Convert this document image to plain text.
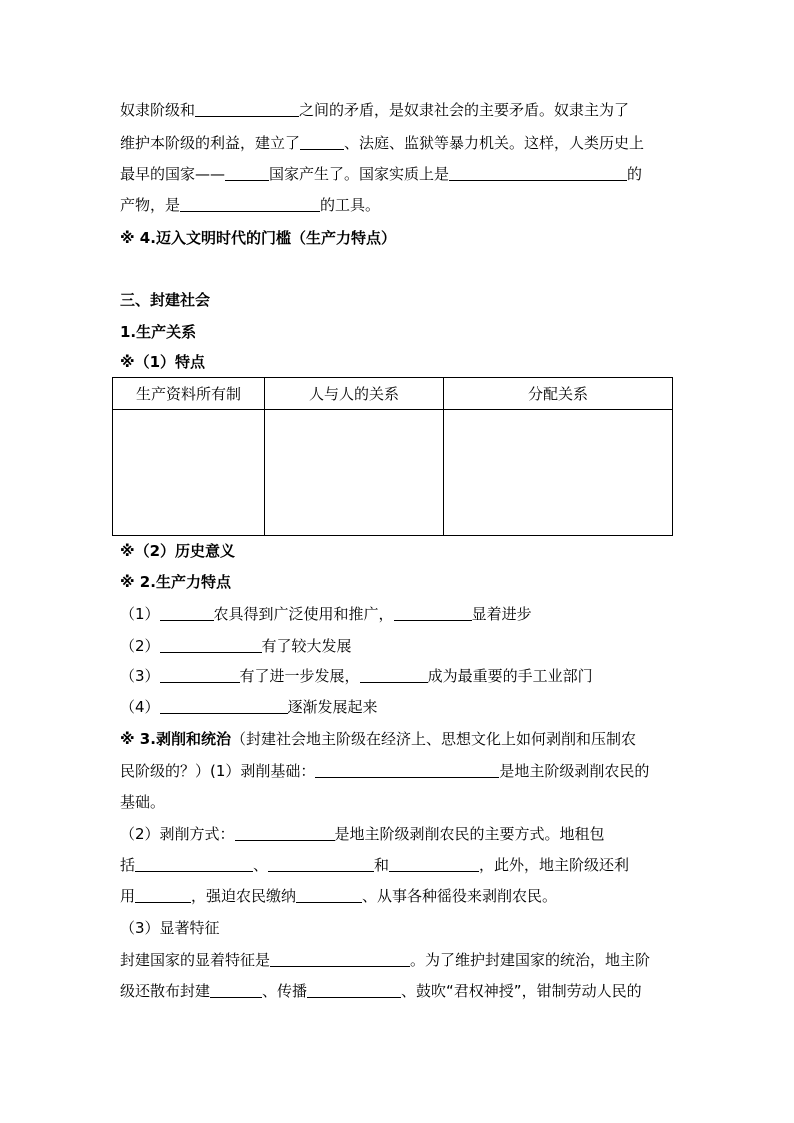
奴隶阶级和	之间的矛盾，是奴隶社会的主要矛盾。奴隶主为了
维护本阶级的利益，建立了	、法庭、监狱等暴力机关。这样，人类历史上
最早的国家——	国家产生了。国家实质上是	的
产物，是	的工具。
※ 4.迈入文明时代的门槛（生产力特点）
三、封建社会
1.生产关系
※（1）特点
生产资料所有制	人与人的关系	分配关系

※（2）历史意义
※ 2.生产力特点
（1）	农具得到广泛使用和推广，	显着进步
（2）	有了较大发展
（3）	有了进一步发展，	成为最重要的手工业部门
（4）	逐渐发展起来
※ 3.剥削和统治（封建社会地主阶级在经济上、思想文化上如何剥削和压制农
民阶级的？）(1）剥削基础：	是地主阶级剥削农民的
基础。
（2）剥削方式：	是地主阶级剥削农民的主要方式。地租包
括	、	和	，此外，地主阶级还利
用	，强迫农民缴纳	、从事各种徭役来剥削农民。
（3）显著特征
封建国家的显着特征是	。为了维护封建国家的统治，地主阶
级还散布封建	、传播	、鼓吹“君权神授”，钳制劳动人民的
